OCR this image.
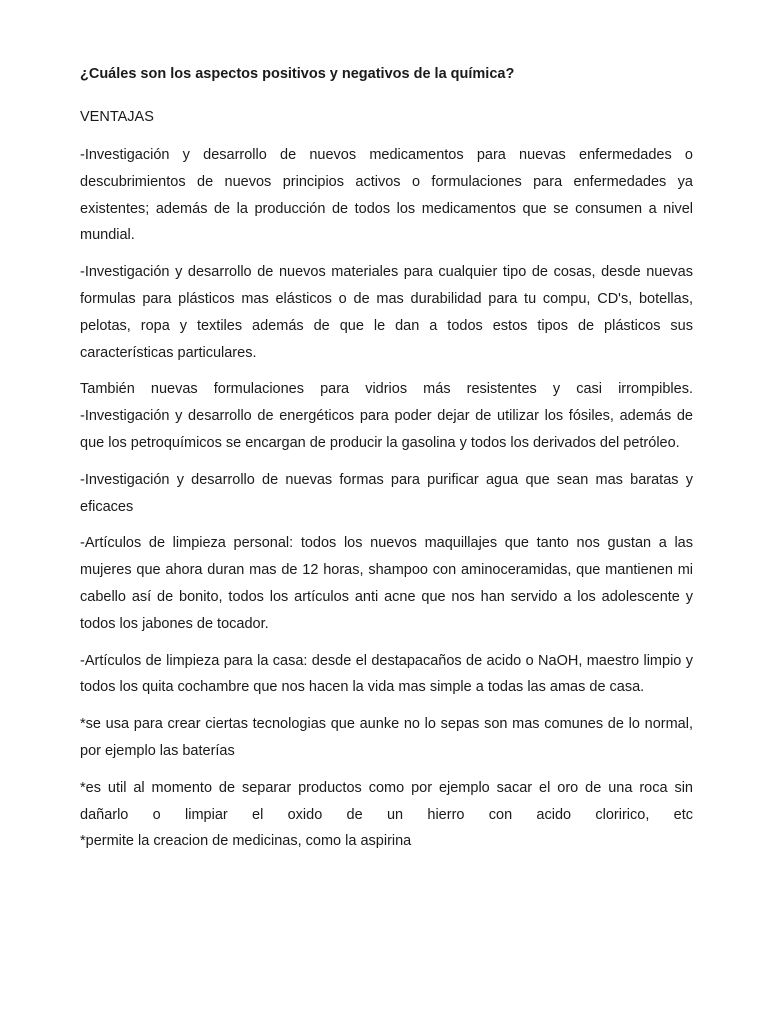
¿Cuáles son los aspectos positivos y negativos de la química?

VENTAJAS

-Investigación y desarrollo de nuevos medicamentos para nuevas enfermedades o descubrimientos de nuevos principios activos o formulaciones para enfermedades ya existentes; además de la producción de todos los medicamentos que se consumen a nivel mundial.

-Investigación y desarrollo de nuevos materiales para cualquier tipo de cosas, desde nuevas formulas para plásticos mas elásticos o de mas durabilidad para tu compu, CD's, botellas, pelotas, ropa y textiles además de que le dan a todos estos tipos de plásticos sus características particulares.

También nuevas formulaciones para vidrios más resistentes y casi irrompibles.
-Investigación y desarrollo de energéticos para poder dejar de utilizar los fósiles, además de que los petroquímicos se encargan de producir la gasolina y todos los derivados del petróleo.

-Investigación y desarrollo de nuevas formas para purificar agua que sean mas baratas y eficaces

-Artículos de limpieza personal: todos los nuevos maquillajes que tanto nos gustan a las mujeres que ahora duran mas de 12 horas, shampoo con aminoceramidas, que mantienen mi cabello así de bonito, todos los artículos anti acne que nos han servido a los adolescente y todos los jabones de tocador.

-Artículos de limpieza para la casa: desde el destapacaños de acido o NaOH, maestro limpio y todos los quita cochambre que nos hacen la vida mas simple a todas las amas de casa.

*se usa para crear ciertas tecnologias que aunke no lo sepas son mas comunes de lo normal, por ejemplo las baterías

*es util al momento de separar productos como por ejemplo sacar el oro de una roca sin dañarlo o limpiar el oxido de un hierro con acido cloririco, etc
*permite la creacion de medicinas, como la aspirina
